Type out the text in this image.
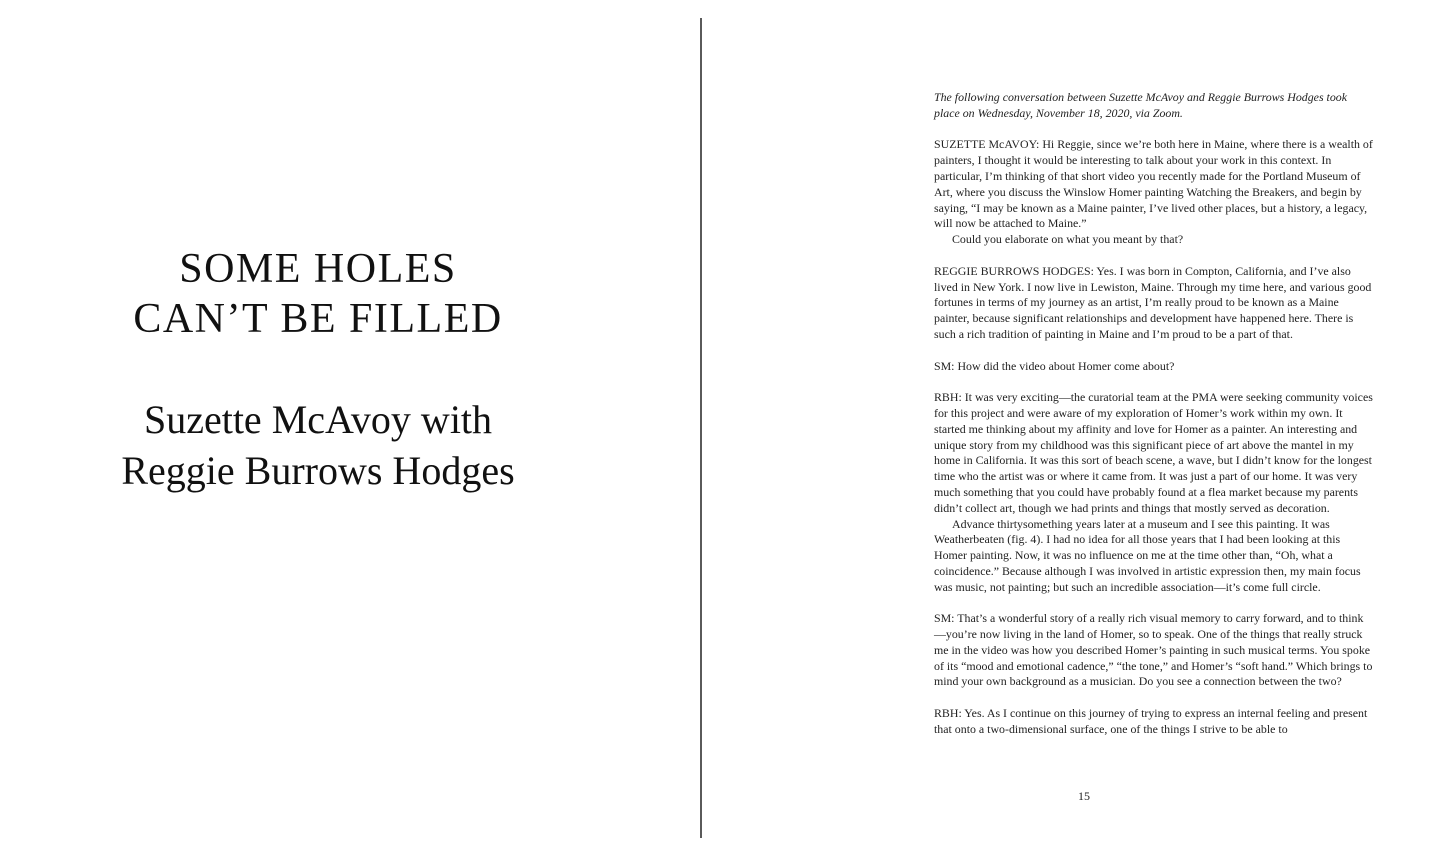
SOME HOLES
CAN’T BE FILLED
Suzette McAvoy with
Reggie Burrows Hodges

The following conversation between Suzette McAvoy and Reggie Burrows Hodges took place on Wednesday, November 18, 2020, via Zoom.

SUZETTE McAVOY: Hi Reggie, since we’re both here in Maine, where there is a wealth of painters, I thought it would be interesting to talk about your work in this context. In particular, I’m thinking of that short video you recently made for the Portland Museum of Art, where you discuss the Winslow Homer painting Watching the Breakers, and begin by saying, “I may be known as a Maine painter, I’ve lived other places, but a history, a legacy, will now be attached to Maine.”

Could you elaborate on what you meant by that?

REGGIE BURROWS HODGES: Yes. I was born in Compton, California, and I’ve also lived in New York. I now live in Lewiston, Maine. Through my time here, and various good fortunes in terms of my journey as an artist, I’m really proud to be known as a Maine painter, because significant relationships and development have happened here. There is such a rich tradition of painting in Maine and I’m proud to be a part of that.

SM: How did the video about Homer come about?

RBH: It was very exciting—the curatorial team at the PMA were seeking community voices for this project and were aware of my exploration of Homer’s work within my own. It started me thinking about my affinity and love for Homer as a painter. An interesting and unique story from my childhood was this significant piece of art above the mantel in my home in California. It was this sort of beach scene, a wave, but I didn’t know for the longest time who the artist was or where it came from. It was just a part of our home. It was very much something that you could have probably found at a flea market because my parents didn’t collect art, though we had prints and things that mostly served as decoration.

Advance thirtysomething years later at a museum and I see this painting. It was Weatherbeaten (fig. 4). I had no idea for all those years that I had been looking at this Homer painting. Now, it was no influence on me at the time other than, “Oh, what a coincidence.” Because although I was involved in artistic expression then, my main focus was music, not painting; but such an incredible association—it’s come full circle.

SM: That’s a wonderful story of a really rich visual memory to carry forward, and to think—you’re now living in the land of Homer, so to speak. One of the things that really struck me in the video was how you described Homer’s painting in such musical terms. You spoke of its “mood and emotional cadence,” “the tone,” and Homer’s “soft hand.” Which brings to mind your own background as a musician. Do you see a connection between the two?

RBH: Yes. As I continue on this journey of trying to express an internal feeling and present that onto a two-dimensional surface, one of the things I strive to be able to

15
